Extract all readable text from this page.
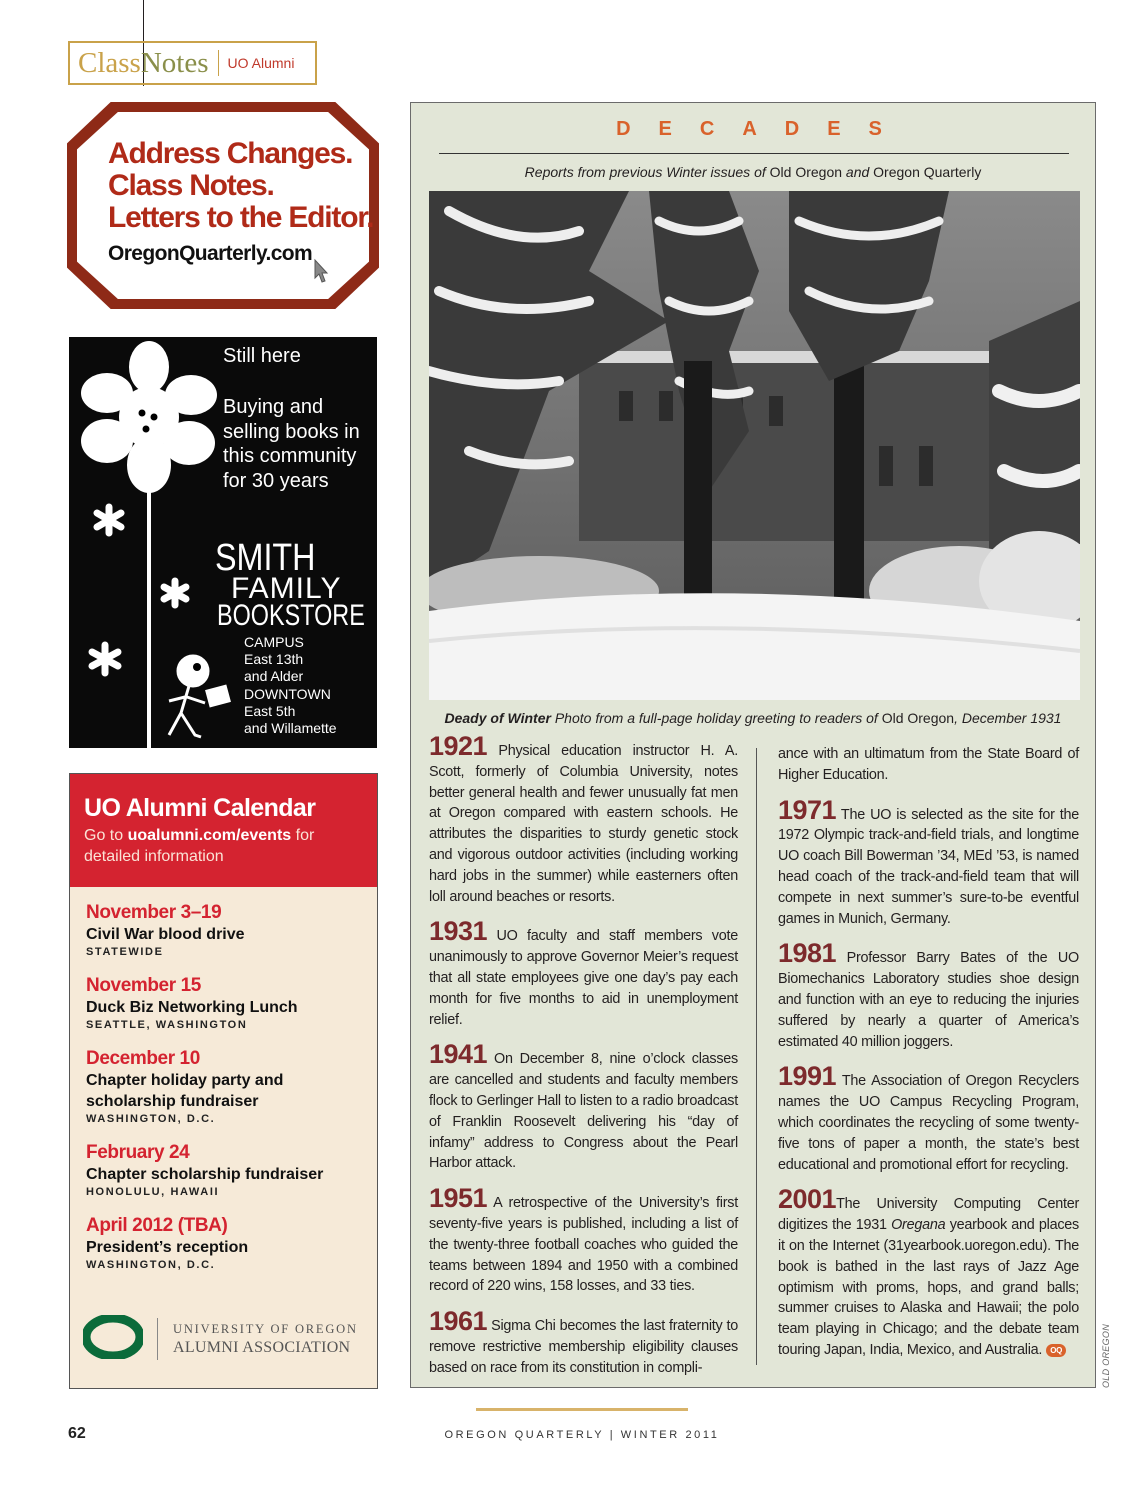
Class Notes UO Alumni
Address Changes.
Class Notes.
Letters to the Editor.
OregonQuarterly.com
Still here
Buying and selling books in this community for 30 years
SMITH
FAMILY
BOOKSTORE
CAMPUS
East 13th
and Alder
DOWNTOWN
East 5th
and Willamette
UO Alumni Calendar
Go to uoalumni.com/events for detailed information
November 3–19
Civil War blood drive
STATEWIDE
November 15
Duck Biz Networking Lunch
SEATTLE, WASHINGTON
December 10
Chapter holiday party and scholarship fundraiser
WASHINGTON, D.C.
February 24
Chapter scholarship fundraiser
HONOLULU, HAWAII
April 2012 (TBA)
President’s reception
WASHINGTON, D.C.
UNIVERSITY OF OREGON
ALUMNI ASSOCIATION
DECADES
Reports from previous Winter issues of Old Oregon and Oregon Quarterly
Deady of Winter Photo from a full-page holiday greeting to readers of Old Oregon, December 1931

1921 Physical education instructor H. A. Scott, formerly of Columbia University, notes better general health and fewer unusually fat men at Oregon compared with eastern schools. He attributes the disparities to sturdy genetic stock and vigorous outdoor activities (including working hard jobs in the summer) while easterners often loll around beaches or resorts.

1931 UO faculty and staff members vote unanimously to approve Governor Meier’s request that all state employees give one day’s pay each month for five months to aid in unemployment relief.

1941 On December 8, nine o’clock classes are cancelled and students and faculty members flock to Gerlinger Hall to listen to a radio broadcast of Franklin Roosevelt delivering his “day of infamy” address to Congress about the Pearl Harbor attack.

1951 A retrospective of the University’s first seventy-five years is published, including a list of the twenty-three football coaches who guided the teams between 1894 and 1950 with a combined record of 220 wins, 158 losses, and 33 ties.

1961 Sigma Chi becomes the last fraternity to remove restrictive membership eligibility clauses based on race from its constitution in compli-

ance with an ultimatum from the State Board of Higher Education.

1971 The UO is selected as the site for the 1972 Olympic track-and-field trials, and longtime UO coach Bill Bowerman ’34, MEd ’53, is named head coach of the track-and-field team that will compete in next summer’s sure-to-be eventful games in Munich, Germany.

1981 Professor Barry Bates of the UO Biomechanics Laboratory studies shoe design and function with an eye to reducing the injuries suffered by nearly a quarter of America’s estimated 40 million joggers.

1991 The Association of Oregon Recyclers names the UO Campus Recycling Program, which coordinates the recycling of some twenty-five tons of paper a month, the state’s best educational and promotional effort for recycling.

2001The University Computing Center digitizes the 1931 Oregana yearbook and places it on the Internet (31yearbook.uoregon.edu). The book is bathed in the last rays of Jazz Age optimism with proms, hops, and grand balls; summer cruises to Alaska and Hawaii; the polo team playing in Chicago; and the debate team touring Japan, India, Mexico, and Australia. OQ	OLD OREGON
62	OREGON QUARTERLY | WINTER 2011
